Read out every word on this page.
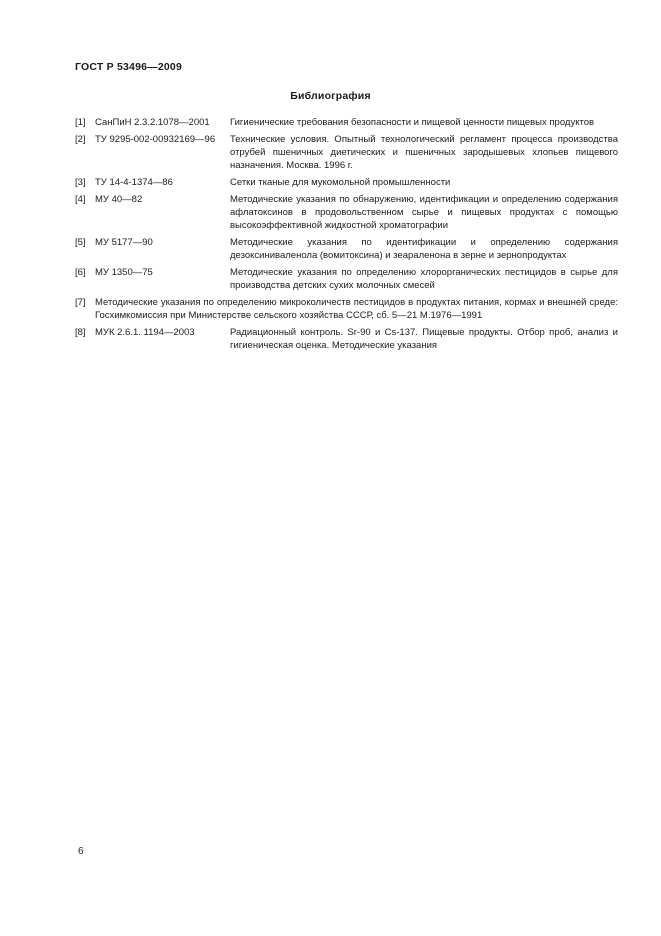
ГОСТ Р 53496—2009
Библиография
[1] СанПиН 2.3.2.1078—2001	Гигиенические требования безопасности и пищевой ценности пищевых продуктов
[2] ТУ 9295-002-00932169—96	Технические условия. Опытный технологический регламент процесса производства отрубей пшеничных диетических и пшеничных зародышевых хлопьев пищевого назначения. Москва. 1996 г.
[3] ТУ 14-4-1374—86	Сетки тканые для мукомольной промышленности
[4] МУ 40—82	Методические указания по обнаружению, идентификации и определению содержания афлатоксинов в продовольственном сырье и пищевых продуктах с помощью высокоэффективной жидкостной хроматографии
[5] МУ 5177—90	Методические указания по идентификации и определению содержания дезоксиниваленола (вомитоксина) и зеараленона в зерне и зернопродуктах
[6] МУ 1350—75	Методические указания по определению хлорорганических пестицидов в сырье для производства детских сухих молочных смесей
[7] Методические указания по определению микроколичеств пестицидов в продуктах питания, кормах и внешней среде: Госхимкомиссия при Министерстве сельского хозяйства СССР, сб. 5—21 М.1976—1991
[8] МУК 2.6.1. 1194—2003	Радиационный контроль. Sr-90 и Cs-137. Пищевые продукты. Отбор проб, анализ и гигиеническая оценка. Методические указания
6
